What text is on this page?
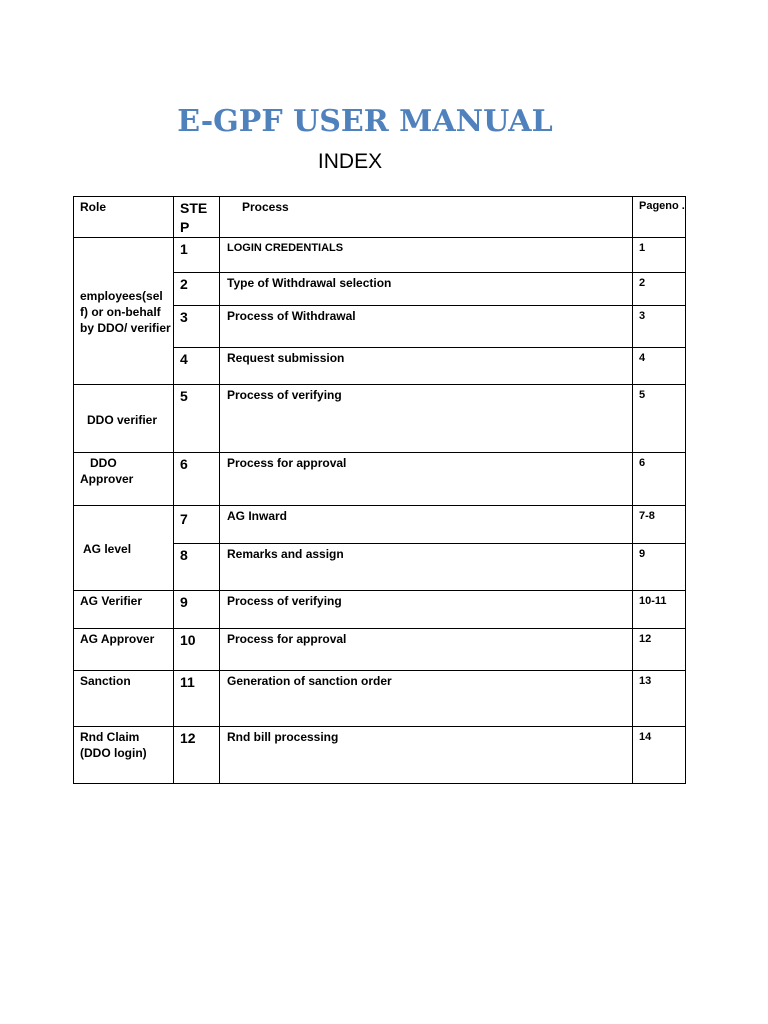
E-GPF USER MANUAL
INDEX
Role	STE P	Process	Pageno .

employees(sel f) or on-behalf by DDO/ verifier	1	LOGIN CREDENTIALS	1
	2	Type of Withdrawal selection	2
	3	Process of Withdrawal	3
	4	Request submission	4
DDO verifier	5	Process of verifying	5

DDO Approver	6	Process for approval	6
AG level	7	AG Inward	7-8
	8	Remarks and assign	9
AG Verifier	9	Process of verifying	10-11
AG Approver	10	Process for approval	12
Sanction	11	Generation of sanction order	13

Rnd Claim (DDO login)	12	Rnd bill processing	14
